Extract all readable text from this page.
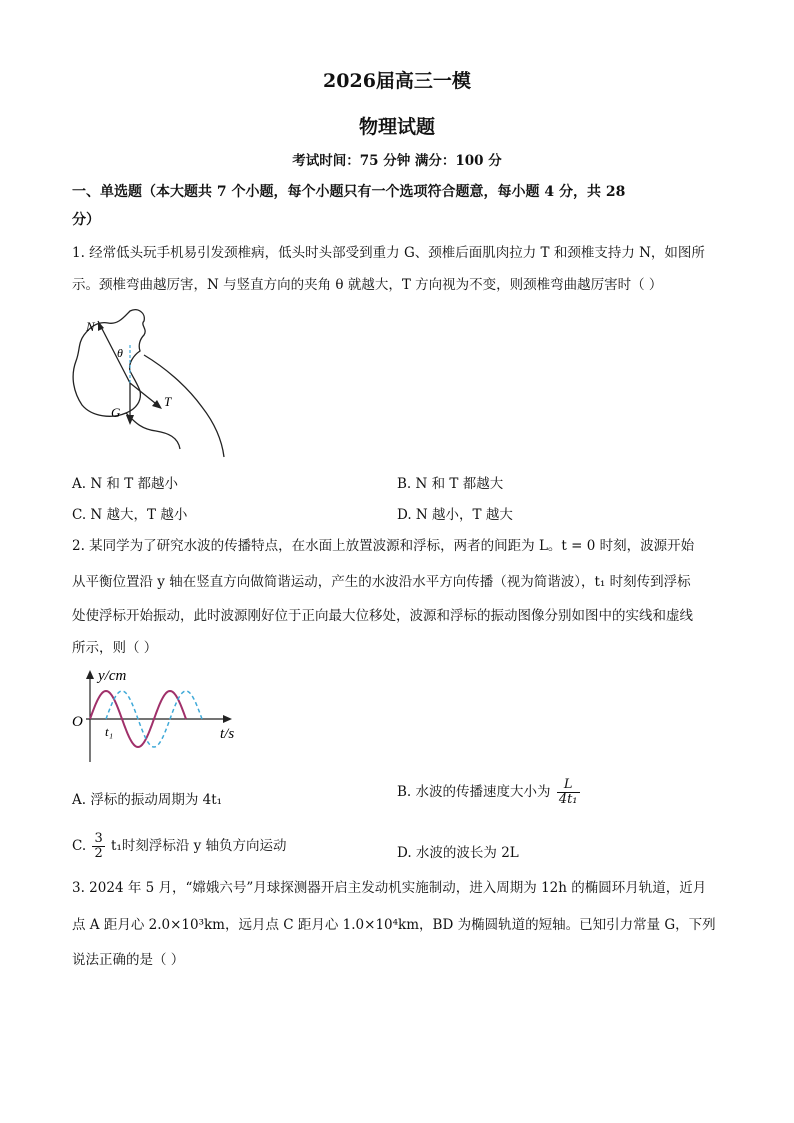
2026届高三一模
物理试题
考试时间：75 分钟 满分：100 分
一、单选题（本大题共 7 个小题，每个小题只有一个选项符合题意，每小题 4 分，共 28
分）
1. 经常低头玩手机易引发颈椎病，低头时头部受到重力 G、颈椎后面肌肉拉力 T 和颈椎支持力 N，如图所
示。颈椎弯曲越厉害，N 与竖直方向的夹角 θ 就越大，T 方向视为不变，则颈椎弯曲越厉害时（ ）
N
θ
G
T
A. N 和 T 都越小	B. N 和 T 都越大
C. N 越大，T 越小	D. N 越小，T 越大
2. 某同学为了研究水波的传播特点，在水面上放置波源和浮标，两者的间距为 L。t = 0 时刻，波源开始
从平衡位置沿 y 轴在竖直方向做简谐运动，产生的水波沿水平方向传播（视为简谐波），t₁ 时刻传到浮标
处使浮标开始振动，此时波源刚好位于正向最大位移处，波源和浮标的振动图像分别如图中的实线和虚线
所示，则（ ）
y/cm
t/s
O
t₁
A. 浮标的振动周期为 4t₁	B. 水波的传播速度大小为 $\frac{L}{\text{4t₁}}$
C. $\frac{3}{2} t_1$时刻浮标沿 y 轴负方向运动	D. 水波的波长为 2L
3. 2024 年 5 月，“嫦娥六号”月球探测器开启主发动机实施制动，进入周期为 12h 的椭圆环月轨道，近月
点 A 距月心 2.0×10³km，远月点 C 距月心 1.0×10⁴km，BD 为椭圆轨道的短轴。已知引力常量 G，下列
说法正确的是（ ）
